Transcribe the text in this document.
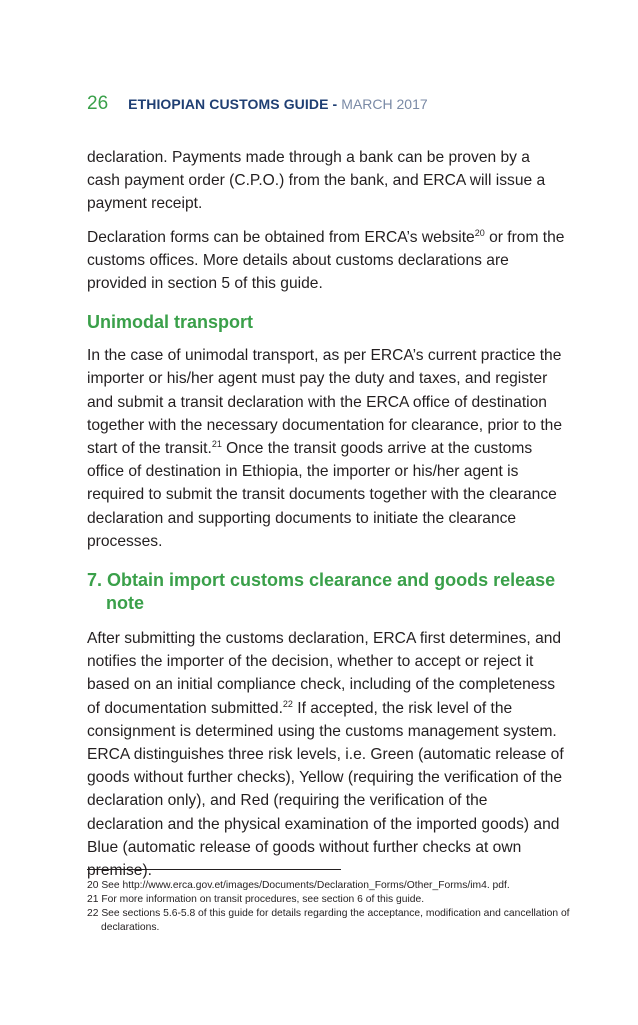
26 ETHIOPIAN CUSTOMS GUIDE - MARCH 2017

declaration. Payments made through a bank can be proven by a cash payment order (C.P.O.) from the bank, and ERCA will issue a payment receipt.

Declaration forms can be obtained from ERCA’s website$^{20}$ or from the customs offices. More details about customs declarations are provided in section 5 of this guide.

Unimodal transport

In the case of unimodal transport, as per ERCA’s current practice the importer or his/her agent must pay the duty and taxes, and register and submit a transit declaration with the ERCA office of destination together with the necessary documentation for clearance, prior to the start of the transit.$^{21}$ Once the transit goods arrive at the customs office of destination in Ethiopia, the importer or his/her agent is required to submit the transit documents together with the clearance declaration and supporting documents to initiate the clearance processes.

7. Obtain import customs clearance and goods release note

After submitting the customs declaration, ERCA first determines, and notifies the importer of the decision, whether to accept or reject it based on an initial compliance check, including of the completeness of documentation submitted.$^{22}$ If accepted, the risk level of the consignment is determined using the customs management system. ERCA distinguishes three risk levels, i.e. Green (automatic release of goods without further checks), Yellow (requiring the verification of the declaration only), and Red (requiring the verification of the declaration and the physical examination of the imported goods) and Blue (automatic release of goods without further checks at own premise).

20 See http://www.erca.gov.et/images/Documents/Declaration_Forms/Other_Forms/im4. pdf.
21 For more information on transit procedures, see section 6 of this guide.
22 See sections 5.6-5.8 of this guide for details regarding the acceptance, modification and cancellation of declarations.
